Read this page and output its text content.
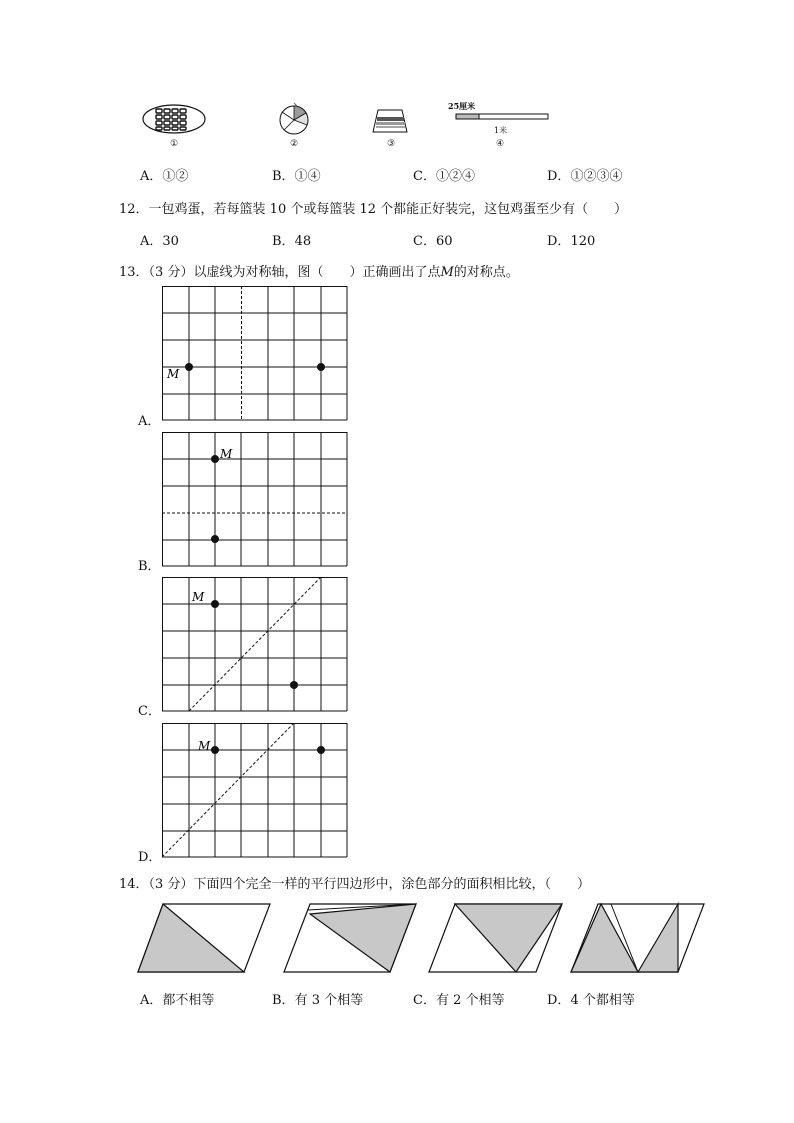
①	②	③
25厘米
1米
④
A．①②	B．①④	C．①②④	D．①②③④
12．一包鸡蛋，若每篮装 10 个或每篮装 12 个都能正好装完，这包鸡蛋至少有（　　）
A．30	B．48	C．60	D．120
13．（3 分）以虚线为对称轴，图（　　）正确画出了点M的对称点。
M
A．
M
B．
M
C．
M
D．
14．（3 分）下面四个完全一样的平行四边形中，涂色部分的面积相比较，（　　）
A．都不相等	B．有 3 个相等	C．有 2 个相等	D．4 个都相等
